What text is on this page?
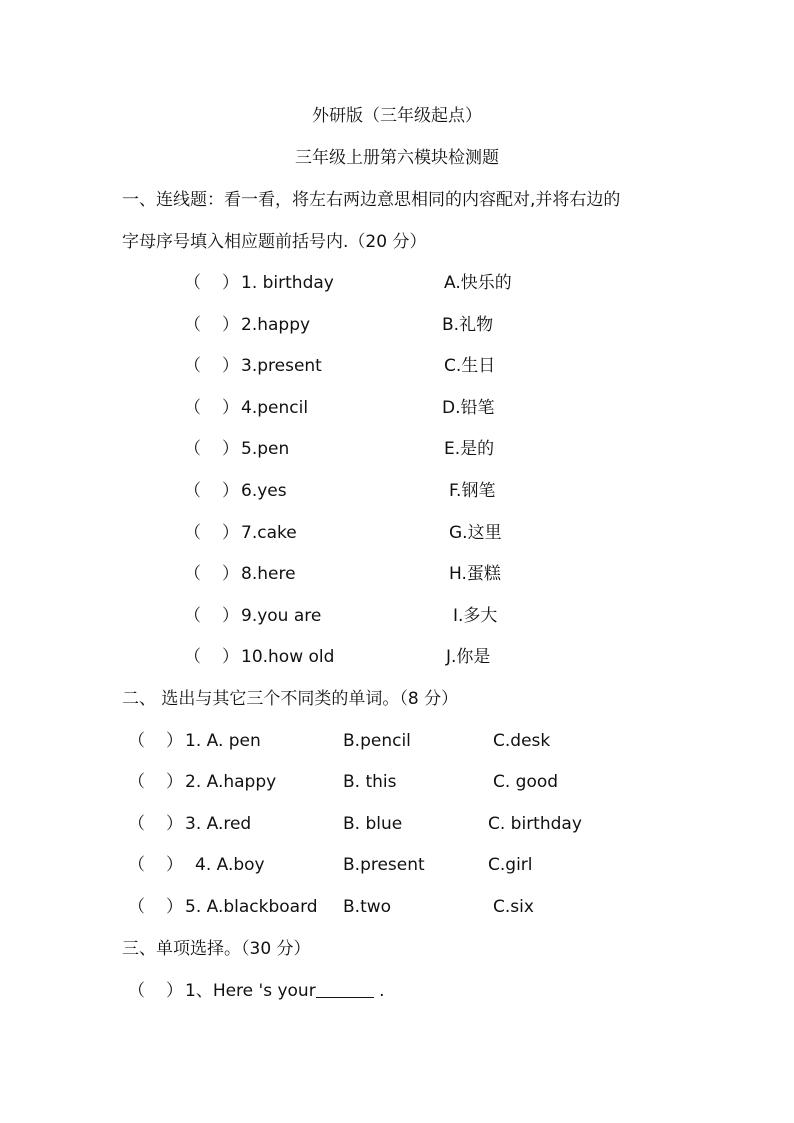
外研版（三年级起点）
三年级上册第六模块检测题
一、连线题：看一看，将左右两边意思相同的内容配对,并将右边的
字母序号填入相应题前括号内.（20 分）
（ ） 1. birthday	A.快乐的
（ ） 2.happy	B.礼物
（ ） 3.present	C.生日
（ ） 4.pencil	D.铅笔
（ ） 5.pen	E.是的
（ ） 6.yes	F.钢笔
（ ） 7.cake	G.这里
（ ） 8.here	H.蛋糕
（ ） 9.you are	I.多大
（ ） 10.how old	J.你是
二、 选出与其它三个不同类的单词。（8 分）
（ ） 1. A. pen	B.pencil	C.desk
（ ） 2. A.happy	B. this	C. good
（ ） 3. A.red	B. blue	C. birthday
（ ） 4. A.boy	B.present	C.girl
（ ） 5. A.blackboard B.two	C.six
三、单项选择。（30 分）
（ ） 1、Here 's your	.
